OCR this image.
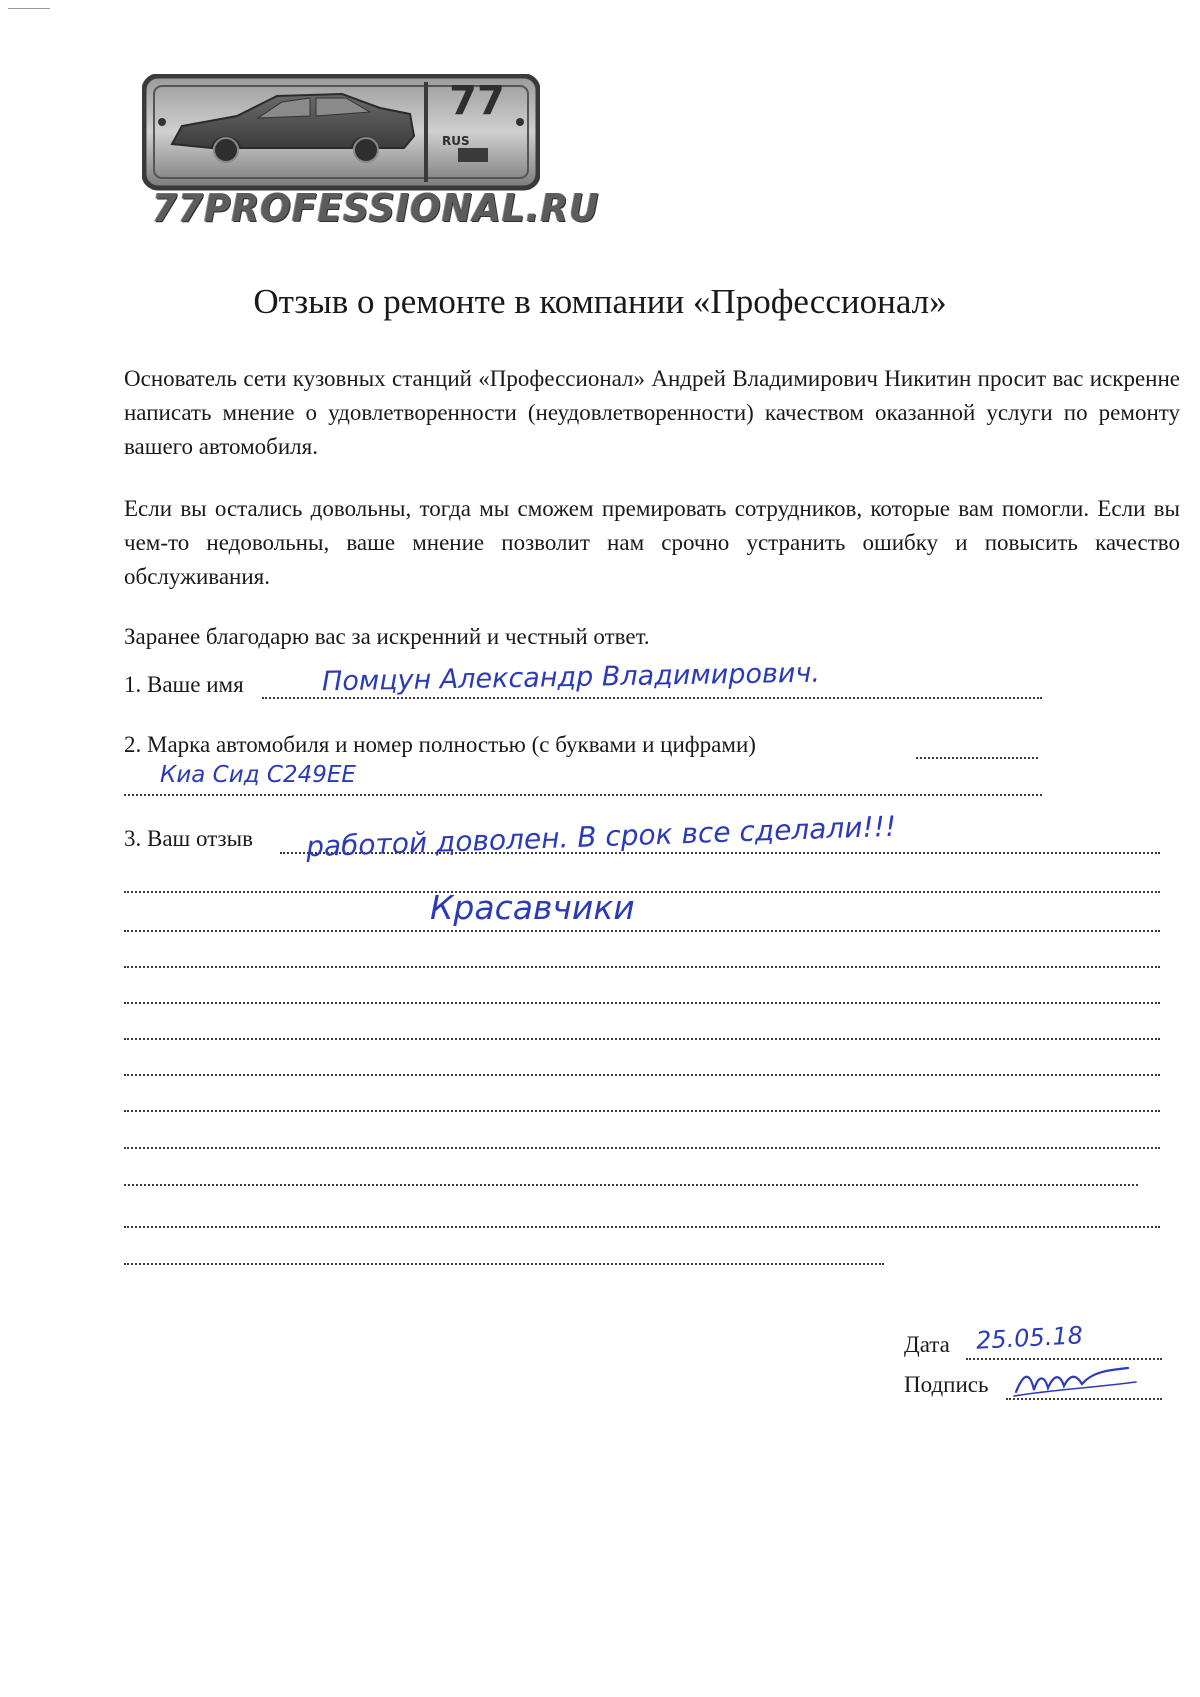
77
RUS
77PROFESSIONAL.RU
Отзыв о ремонте в компании «Профессионал»

Основатель сети кузовных станций «Профессионал» Андрей Владимирович Никитин просит вас искренне написать мнение о удовлетворенности (неудовлетворенности) качеством оказанной услуги по ремонту вашего автомобиля.

Если вы остались довольны, тогда мы сможем премировать сотрудников, которые вам помогли. Если вы чем-то недовольны, ваше мнение позволит нам срочно устранить ошибку и повысить качество обслуживания.

Заранее благодарю вас за искренний и честный ответ.

1. Ваше имя	Помцун Александр Владимирович.
2. Марка автомобиля и номер полностью (с буквами и цифрами)
Киа Сид С249ЕЕ
3. Ваш отзыв работой доволен. В срок все сделали!!!
Красавчики
Дата 25.05.18
Подпись
